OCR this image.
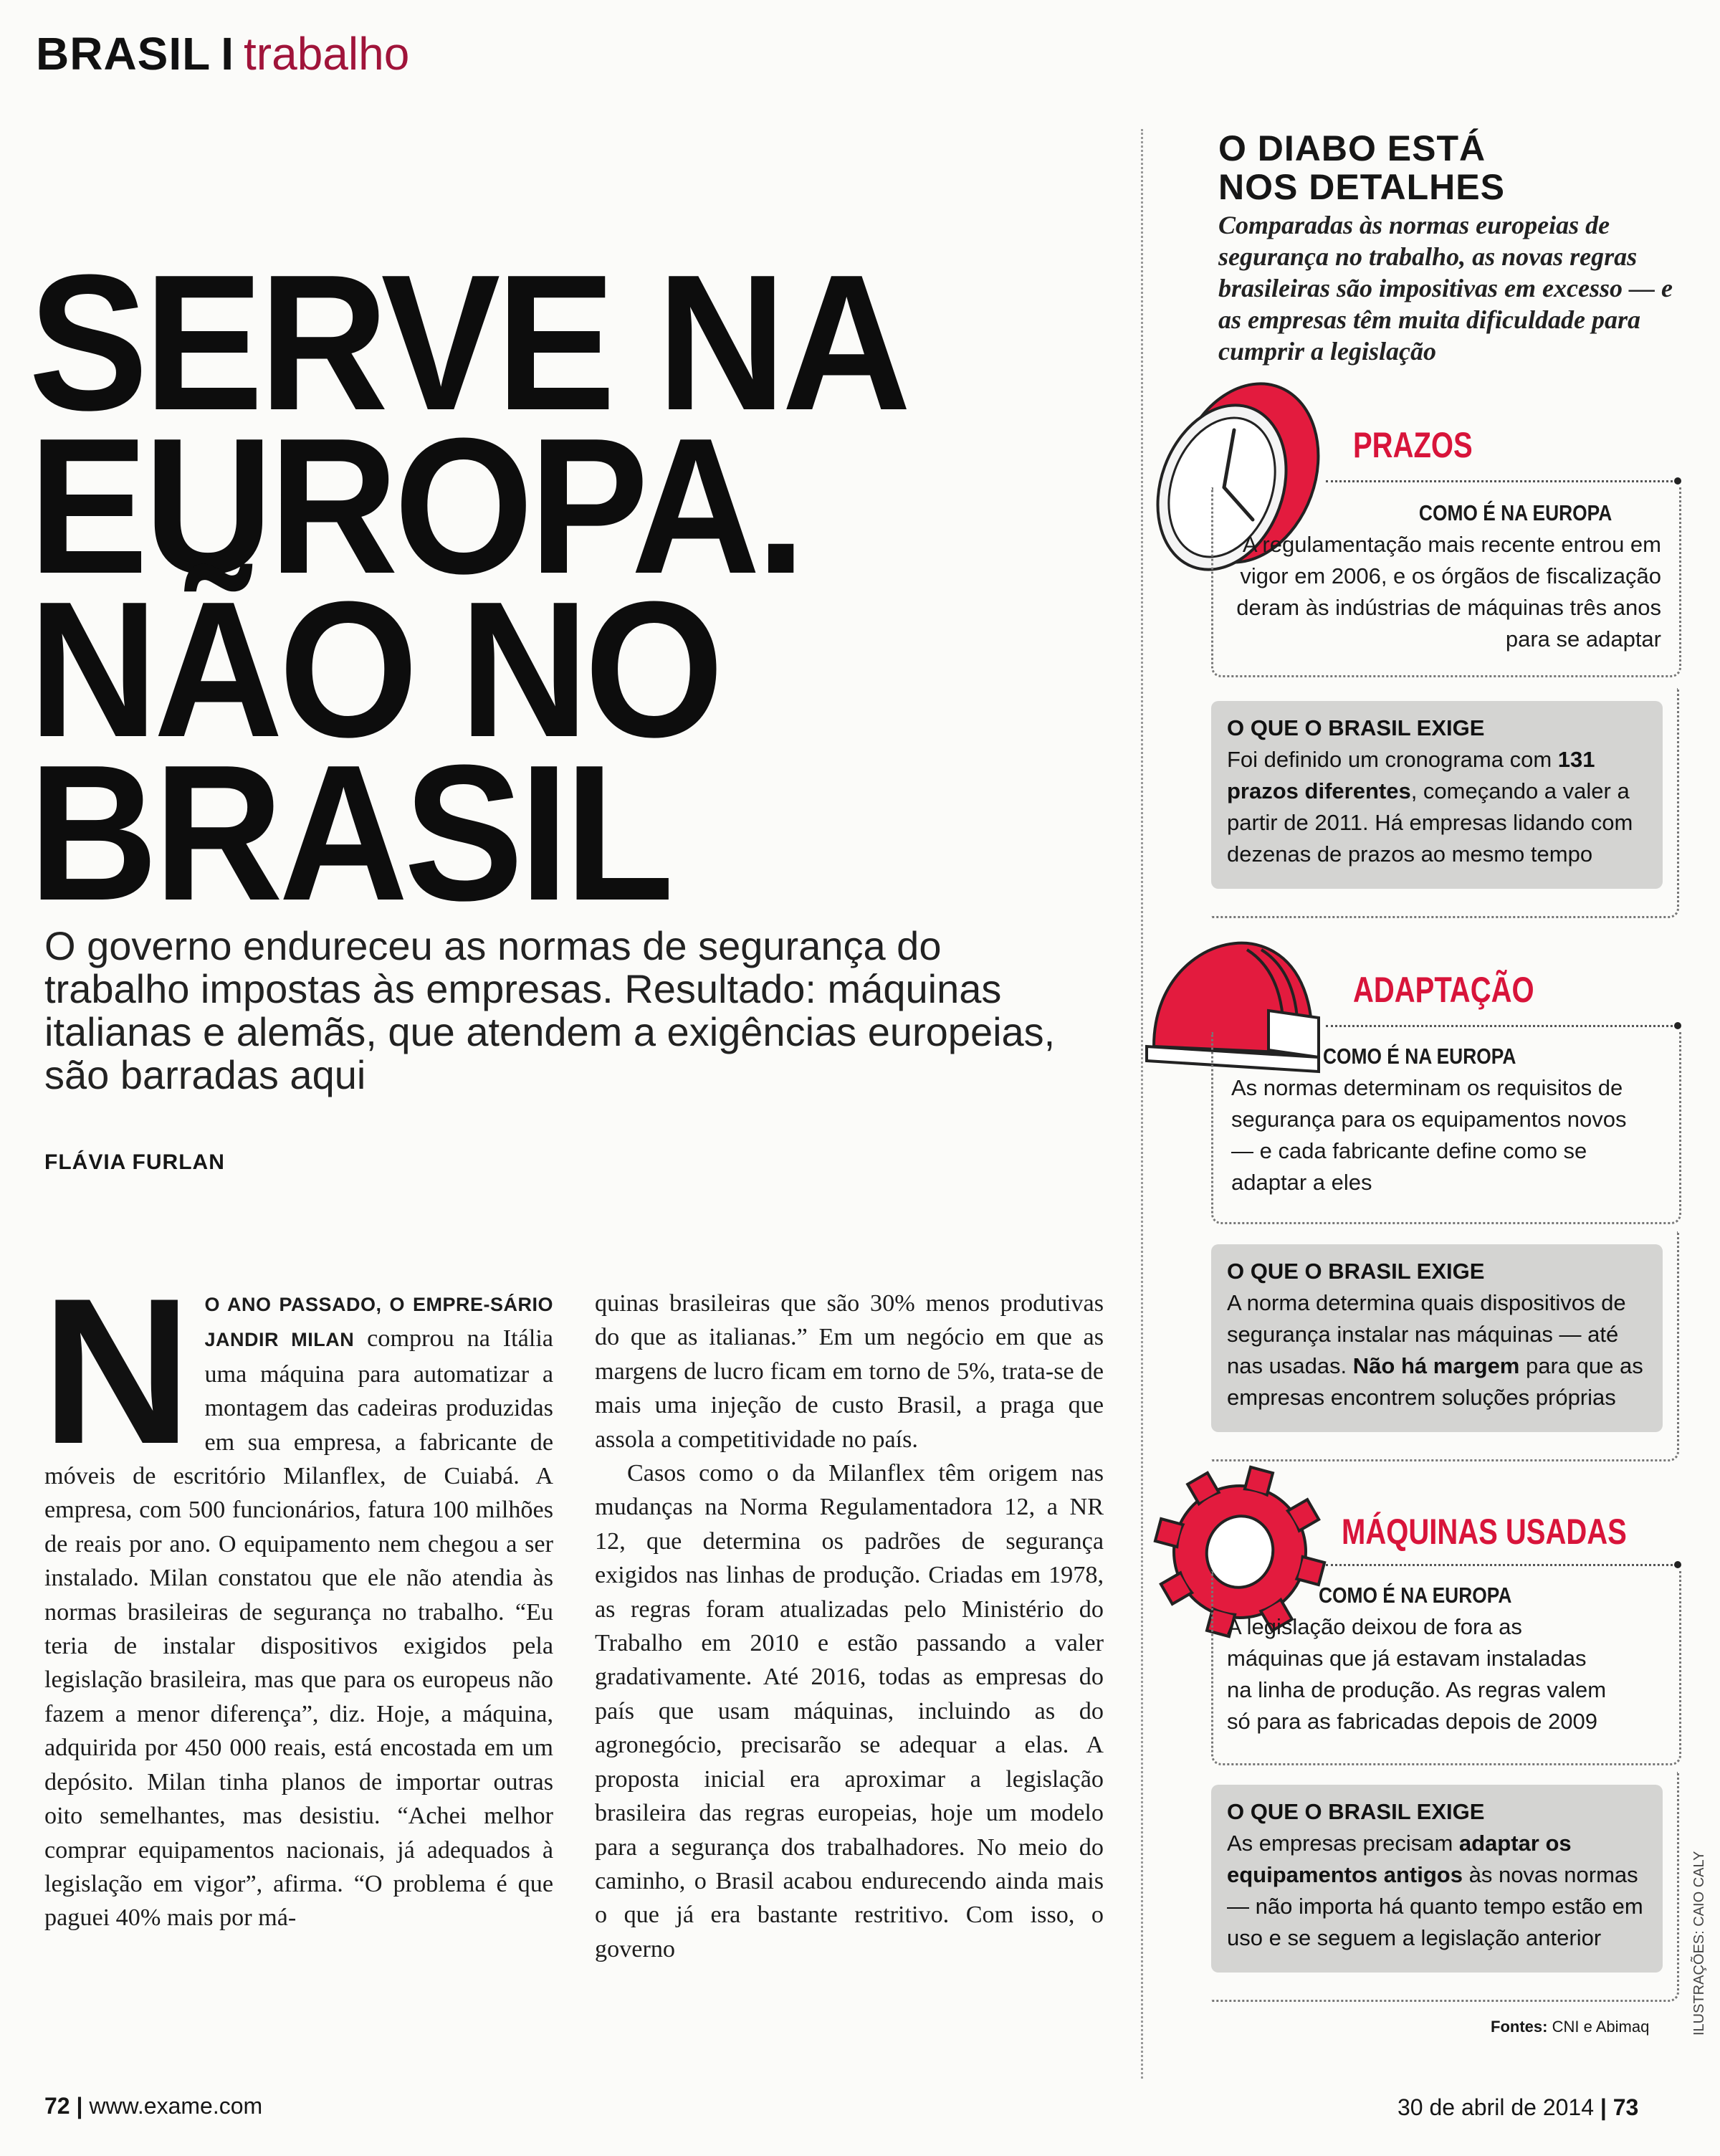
BRASIL I trabalho
SERVE NA
EUROPA.
NÃO NO
BRASIL
O governo endureceu as normas de segurança do trabalho impostas às empresas. Resultado: máquinas italianas e alemãs, que atendem a exigências europeias, são barradas aqui
FLÁVIA FURLAN

N O ANO PASSADO, O EMPRE-SÁRIO JANDIR MILAN comprou na Itália uma máquina para automatizar a montagem das cadeiras produzidas em sua empresa, a fabricante de móveis de escritório Milanflex, de Cuiabá. A empresa, com 500 funcionários, fatura 100 milhões de reais por ano. O equipamento nem chegou a ser instalado. Milan constatou que ele não atendia às normas brasileiras de segurança no trabalho. “Eu teria de instalar dispositivos exigidos pela legislação brasileira, mas que para os europeus não fazem a menor diferença”, diz. Hoje, a máquina, adquirida por 450 000 reais, está encostada em um depósito. Milan tinha planos de importar outras oito semelhantes, mas desistiu. “Achei melhor comprar equipamentos nacionais, já adequados à legislação em vigor”, afirma. “O problema é que paguei 40% mais por má-

quinas brasileiras que são 30% menos produtivas do que as italianas.” Em um negócio em que as margens de lucro ficam em torno de 5%, trata-se de mais uma injeção de custo Brasil, a praga que assola a competitividade no país.

Casos como o da Milanflex têm origem nas mudanças na Norma Regulamentadora 12, a NR 12, que determina os padrões de segurança exigidos nas linhas de produção. Criadas em 1978, as regras foram atualizadas pelo Ministério do Trabalho em 2010 e estão passando a valer gradativamente. Até 2016, todas as empresas do país que usam máquinas, incluindo as do agronegócio, precisarão se adequar a elas. A proposta inicial era aproximar a legislação brasileira das regras europeias, hoje um modelo para a segurança dos trabalhadores. No meio do caminho, o Brasil acabou endurecendo ainda mais o que já era bastante restritivo. Com isso, o governo

72 | www.exame.com	30 de abril de 2014 | 73
O DIABO ESTÁ
NOS DETALHES
Comparadas às normas europeias de segurança no trabalho, as novas regras brasileiras são impositivas em excesso — e as empresas têm muita dificuldade para cumprir a legislação
PRAZOS
COMO É NA EUROPA
A regulamentação mais recente entrou em vigor em 2006, e os órgãos de fiscalização deram às indústrias de máquinas três anos para se adaptar
O QUE O BRASIL EXIGE
Foi definido um cronograma com 131 prazos diferentes, começando a valer a partir de 2011. Há empresas lidando com dezenas de prazos ao mesmo tempo
ADAPTAÇÃO
COMO É NA EUROPA
As normas determinam os requisitos de segurança para os equipamentos novos — e cada fabricante define como se adaptar a eles
O QUE O BRASIL EXIGE
A norma determina quais dispositivos de segurança instalar nas máquinas — até nas usadas. Não há margem para que as empresas encontrem soluções próprias
MÁQUINAS USADAS
COMO É NA EUROPA
A legislação deixou de fora as máquinas que já estavam instaladas na linha de produção. As regras valem só para as fabricadas depois de 2009
O QUE O BRASIL EXIGE
As empresas precisam adaptar os equipamentos antigos às novas normas — não importa há quanto tempo estão em uso e se seguem a legislação anterior
Fontes: CNI e Abimaq	ILUSTRAÇÕES: CAIO CALY
